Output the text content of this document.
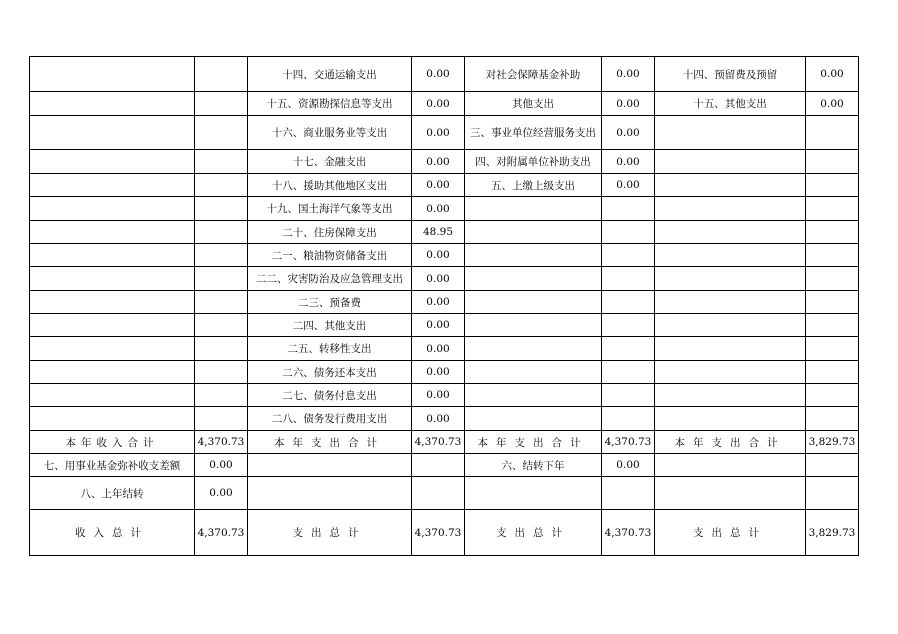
		十四、交通运输支出	0.00	对社会保障基金补助	0.00	十四、预留费及预留	0.00
		十五、资源勘探信息等支出	0.00	其他支出	0.00	十五、其他支出	0.00
		十六、商业服务业等支出	0.00	三、事业单位经营服务支出	0.00		
		十七、金融支出	0.00	四、对附属单位补助支出	0.00		
		十八、援助其他地区支出	0.00	五、上缴上级支出	0.00		
		十九、国土海洋气象等支出	0.00				
		二十、住房保障支出	48.95				
		二一、粮油物资储备支出	0.00				
		二二、灾害防治及应急管理支出	0.00				
		二三、预备费	0.00				
		二四、其他支出	0.00				
		二五、转移性支出	0.00				
		二六、债务还本支出	0.00				
		二七、债务付息支出	0.00				
		二八、债务发行费用支出	0.00				
本年收入合计	4,370.73	本年支出合计	4,370.73	本年支出合计	4,370.73	本年支出合计	3,829.73
七、用事业基金弥补收支差额	0.00			六、结转下年	0.00		
八、上年结转	0.00						
收入总计	4,370.73	支出总计	4,370.73	支出总计	4,370.73	支出总计	3,829.73
